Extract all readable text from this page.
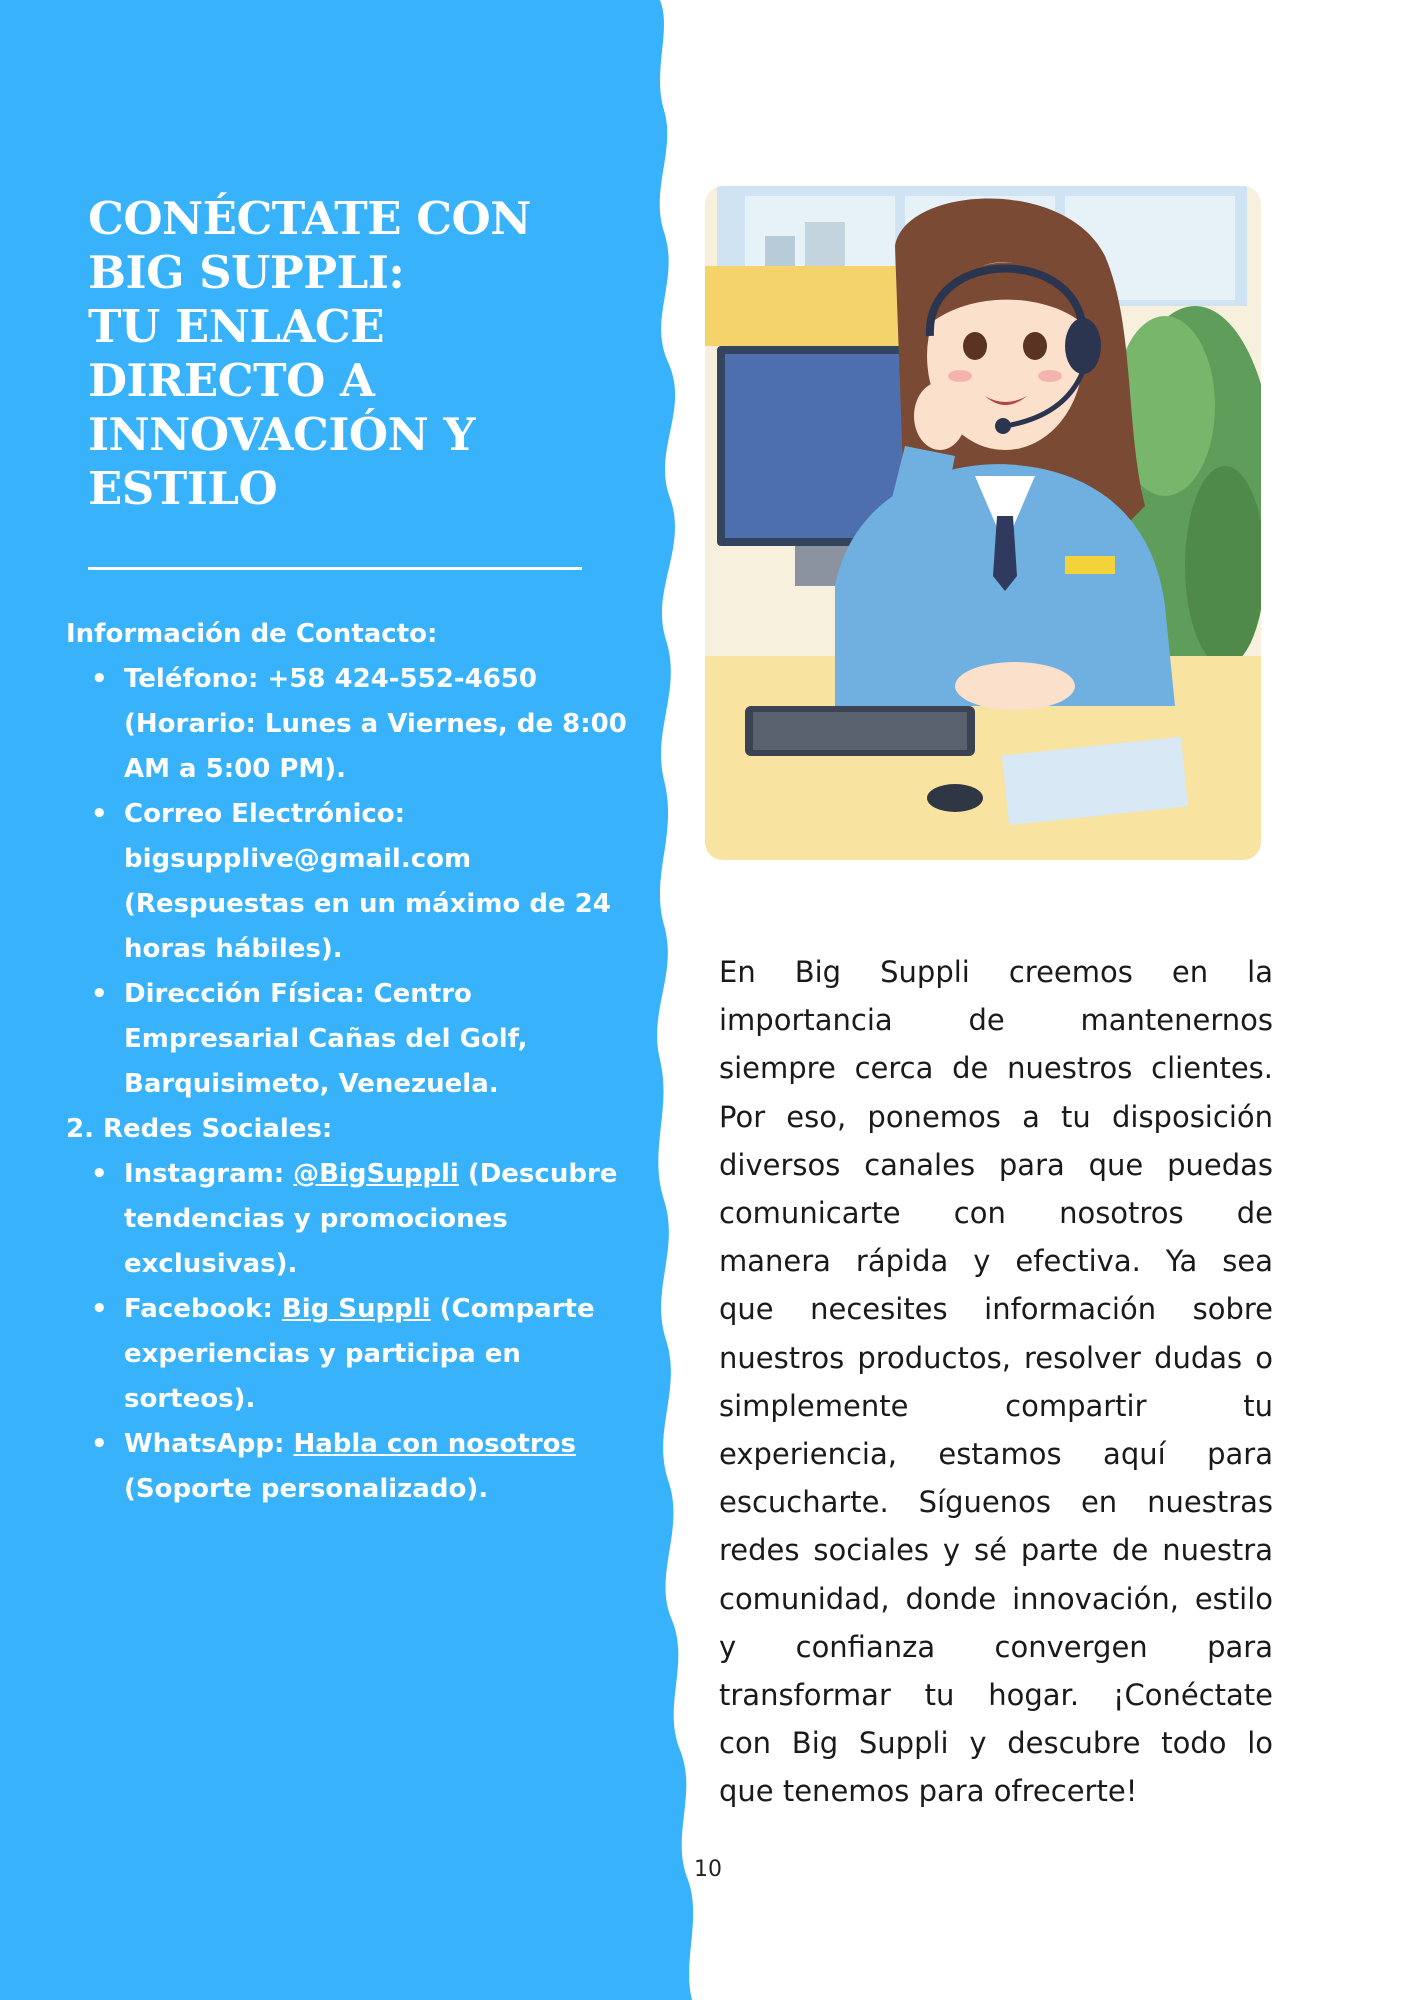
CONÉCTATE CON
BIG SUPPLI:
TU ENLACE
DIRECTO A
INNOVACIÓN Y
ESTILO
Información de Contacto:
• Teléfono: +58 424-552-4650
(Horario: Lunes a Viernes, de 8:00
AM a 5:00 PM).
• Correo Electrónico:
bigsupplive@gmail.com
(Respuestas en un máximo de 24
horas hábiles).
• Dirección Física: Centro
Empresarial Cañas del Golf,
Barquisimeto, Venezuela.
2. Redes Sociales:
• Instagram: @BigSuppli (Descubre
tendencias y promociones
exclusivas).
• Facebook: Big Suppli (Comparte
experiencias y participa en
sorteos).
• WhatsApp: Habla con nosotros
(Soporte personalizado).
En Big Suppli creemos en la
importancia de mantenernos
siempre cerca de nuestros clientes.
Por eso, ponemos a tu disposición
diversos canales para que puedas
comunicarte con nosotros de
manera rápida y efectiva. Ya sea
que necesites información sobre
nuestros productos, resolver dudas o
simplemente compartir tu
experiencia, estamos aquí para
escucharte. Síguenos en nuestras
redes sociales y sé parte de nuestra
comunidad, donde innovación, estilo
y confianza convergen para
transformar tu hogar. ¡Conéctate
con Big Suppli y descubre todo lo
que tenemos para ofrecerte!
10
